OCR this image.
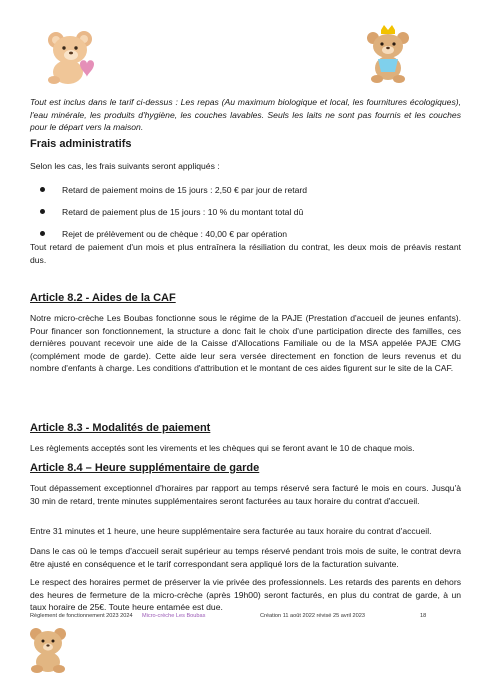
Tout est inclus dans le tarif ci-dessus : Les repas (Au maximum biologique et local, les fournitures écologiques), l'eau minérale, les produits d'hygiène, les couches lavables. Seuls les laits ne sont pas fournis et les couches pour le départ vers la maison.

Frais administratifs

Selon les cas, les frais suivants seront appliqués :

Retard de paiement moins de 15 jours : 2,50 € par jour de retard
Retard de paiement plus de 15 jours : 10 % du montant total dû
Rejet de prélèvement ou de chèque : 40,00 € par opération

Tout retard de paiement d'un mois et plus entraînera la résiliation du contrat, les deux mois de préavis restant dus.

Article 8.2 - Aides de la CAF

Notre micro-crèche Les Boubas fonctionne sous le régime de la PAJE (Prestation d'accueil de jeunes enfants). Pour financer son fonctionnement, la structure a donc fait le choix d'une participation directe des familles, ces dernières pouvant recevoir une aide de la Caisse d'Allocations Familiale ou de la MSA appelée PAJE CMG (complément mode de garde). Cette aide leur sera versée directement en fonction de leurs revenus et du nombre d'enfants à charge. Les conditions d'attribution et le montant de ces aides figurent sur le site de la CAF.

Article 8.3 - Modalités de paiement

Les règlements acceptés sont les virements et les chèques qui se feront avant le 10 de chaque mois.

Article 8.4 – Heure supplémentaire de garde

Tout dépassement exceptionnel d'horaires par rapport au temps réservé sera facturé le mois en cours. Jusqu'à 30 min de retard, trente minutes supplémentaires seront facturées au taux horaire du contrat d'accueil.

Entre 31 minutes et 1 heure, une heure supplémentaire sera facturée au taux horaire du contrat d'accueil.

Dans le cas où le temps d'accueil serait supérieur au temps réservé pendant trois mois de suite, le contrat devra être ajusté en conséquence et le tarif correspondant sera appliqué lors de la facturation suivante.

Le respect des horaires permet de préserver la vie privée des professionnels. Les retards des parents en dehors des heures de fermeture de la micro-crèche (après 19h00) seront facturés, en plus du contrat de garde, à un taux horaire de 25€. Toute heure entamée est due.

Règlement de fonctionnement 2023 2024 Micro-crèche Les Boubas	Création 11 août 2022 révisé 25 avril 2023	18
